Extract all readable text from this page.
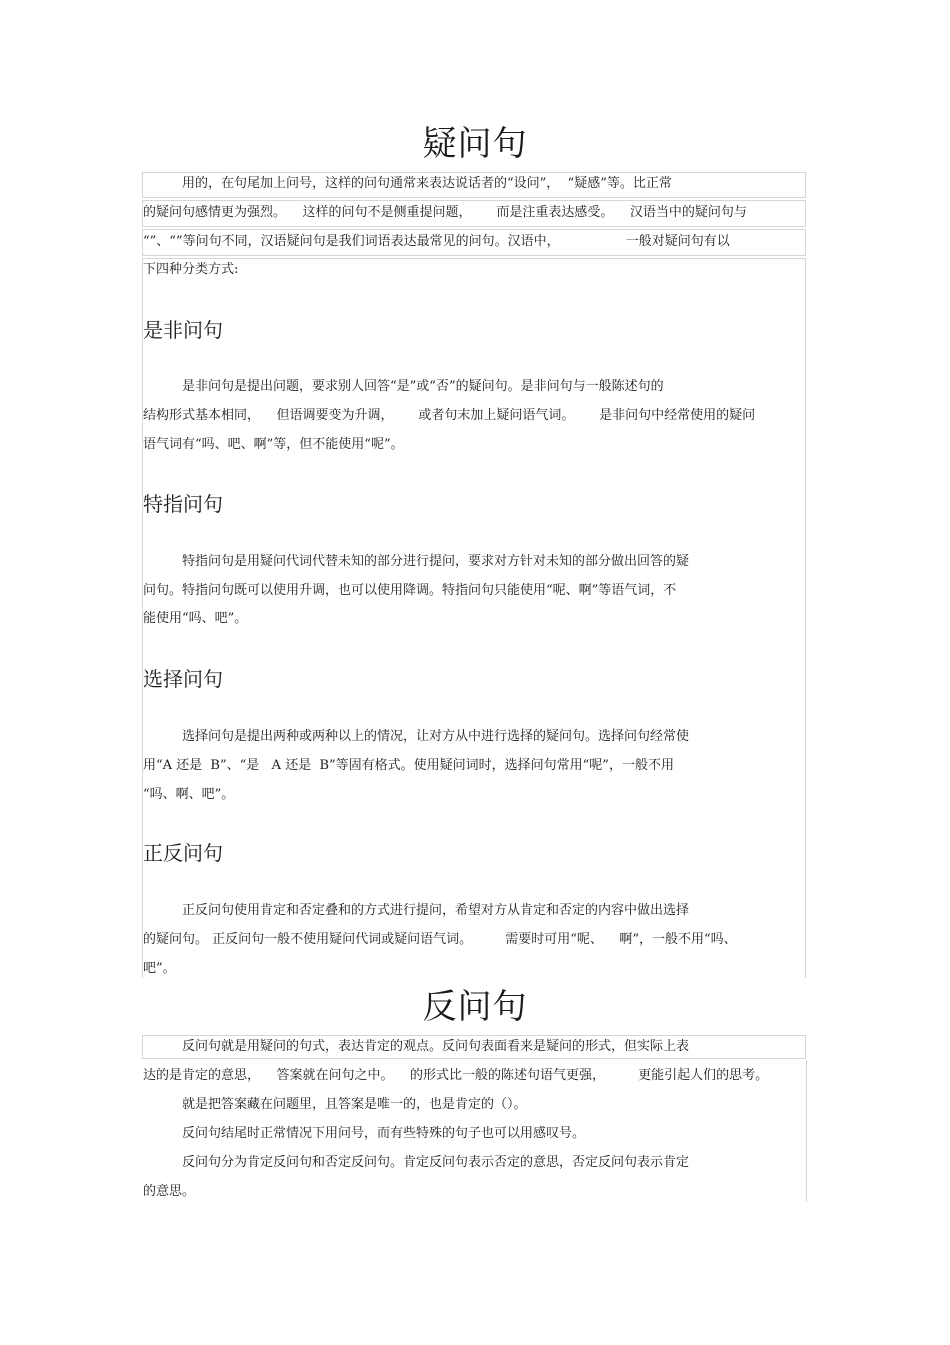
疑问句

用的，在句尾加上问号，这样的问句通常来表达说话者的“设问”，  “疑感”等。比正常

的疑问句感情更为强烈。    这样的问句不是侧重提问题，      而是注重表达感受。    汉语当中的疑问句与

“”、“”等问句不同，汉语疑问句是我们词语表达最常见的问句。汉语中，                一般对疑问句有以

下四种分类方式:

是非问句

是非问句是提出问题，要求别人回答“是”或“否”的疑问句。是非问句与一般陈述句的

结构形式基本相同，    但语调要变为升调，      或者句末加上疑问语气词。      是非问句中经常使用的疑问

语气词有“吗、吧、啊”等，但不能使用“呢”。

特指问句

特指问句是用疑问代词代替未知的部分进行提问，要求对方针对未知的部分做出回答的疑

问句。特指问句既可以使用升调，也可以使用降调。特指问句只能使用“呢、啊”等语气词，不

能使用“吗、吧”。

选择问句

选择问句是提出两种或两种以上的情况，让对方从中进行选择的疑问句。选择问句经常使

用“A 还是  B”、“是   A 还是  B”等固有格式。使用疑问词时，选择问句常用“呢”，一般不用

“吗、啊、吧”。

正反问句

正反问句使用肯定和否定叠和的方式进行提问，希望对方从肯定和否定的内容中做出选择

的疑问句。 正反问句一般不使用疑问代词或疑问语气词。        需要时可用“呢、    啊”，一般不用“吗、

吧”。

反问句

反问句就是用疑问的句式，表达肯定的观点。反问句表面看来是疑问的形式，但实际上表

达的是肯定的意思，    答案就在问句之中。    的形式比一般的陈述句语气更强，        更能引起人们的思考。

就是把答案藏在问题里，且答案是唯一的，也是肯定的（）。

反问句结尾时正常情况下用问号，而有些特殊的句子也可以用感叹号。

反问句分为肯定反问句和否定反问句。肯定反问句表示否定的意思，否定反问句表示肯定

的意思。
